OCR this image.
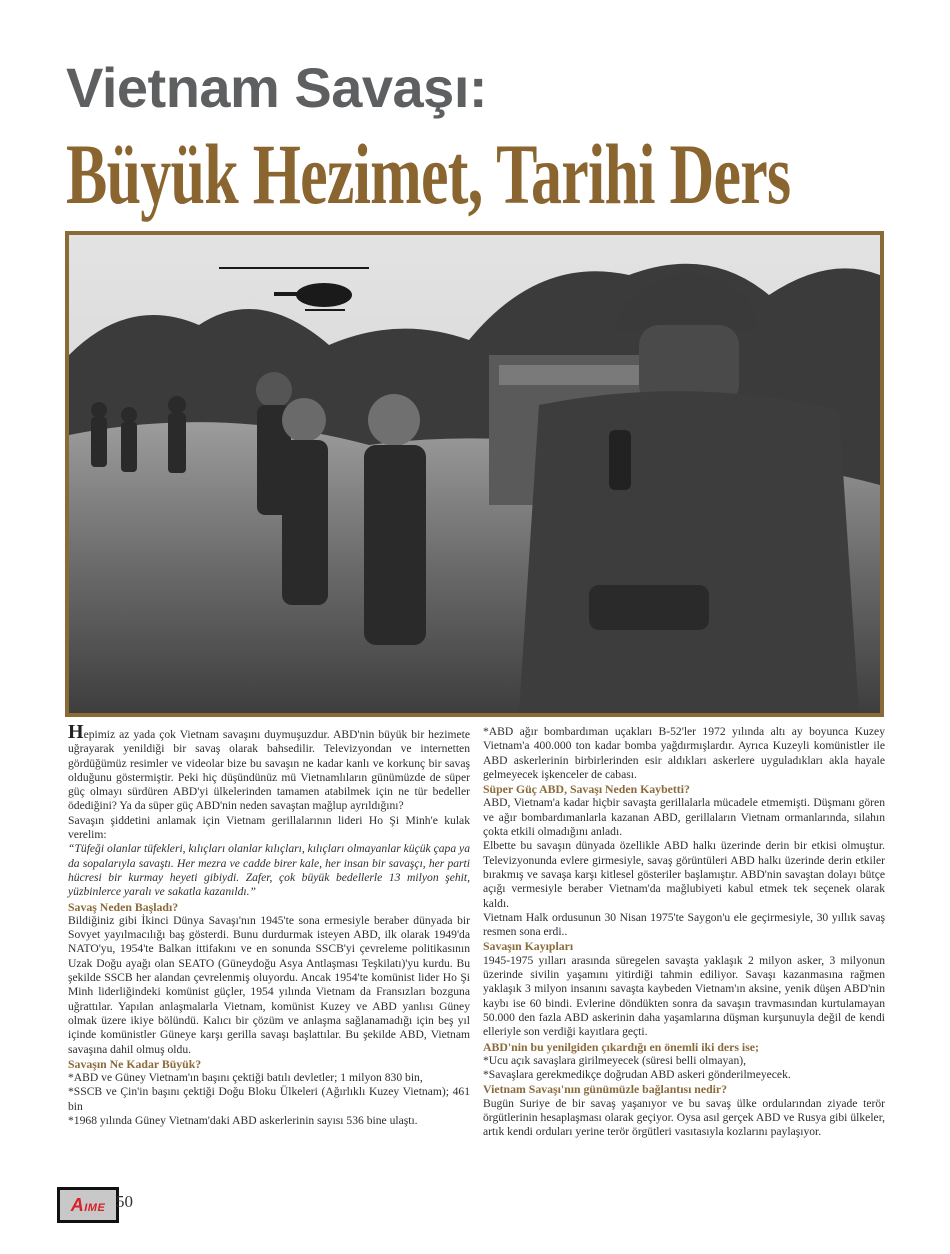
Vietnam Savaşı:
Büyük Hezimet, Tarihi Ders

Hepimiz az yada çok Vietnam savaşını duymuşuzdur. ABD'nin büyük bir hezimete uğrayarak yenildiği bir savaş olarak bahsedilir. Televizyondan ve internetten gördüğümüz resimler ve videolar bize bu savaşın ne kadar kanlı ve korkunç bir savaş olduğunu göstermiştir. Peki hiç düşündünüz mü Vietnamlıların günümüzde de süper güç olmayı sürdüren ABD'yi ülkelerinden tamamen atabilmek için ne tür bedeller ödediğini? Ya da süper güç ABD'nin neden savaştan mağlup ayrıldığını?

Savaşın şiddetini anlamak için Vietnam gerillalarının lideri Ho Şi Minh'e kulak verelim:

“Tüfeği olanlar tüfekleri, kılıçları olanlar kılıçları, kılıçları olmayanlar küçük çapa ya da sopalarıyla savaştı. Her mezra ve cadde birer kale, her insan bir savaşçı, her parti hücresi bir kurmay heyeti gibiydi. Zafer, çok büyük bedellerle 13 milyon şehit, yüzbinlerce yaralı ve sakatla kazanıldı.”

Savaş Neden Başladı?

Bildiğiniz gibi İkinci Dünya Savaşı'nın 1945'te sona ermesiyle beraber dünyada bir Sovyet yayılmacılığı baş gösterdi. Bunu durdurmak isteyen ABD, ilk olarak 1949'da NATO'yu, 1954'te Balkan ittifakını ve en sonunda SSCB'yi çevreleme politikasının Uzak Doğu ayağı olan SEATO (Güneydoğu Asya Antlaşması Teşkilatı)'yu kurdu. Bu şekilde SSCB her alandan çevrelenmiş oluyordu. Ancak 1954'te komünist lider Ho Şi Minh liderliğindeki komünist güçler, 1954 yılında Vietnam da Fransızları bozguna uğrattılar. Yapılan anlaşmalarla Vietnam, komünist Kuzey ve ABD yanlısı Güney olmak üzere ikiye bölündü. Kalıcı bir çözüm ve anlaşma sağlanamadığı için beş yıl içinde komünistler Güneye karşı gerilla savaşı başlattılar. Bu şekilde ABD, Vietnam savaşına dahil olmuş oldu.

Savaşın Ne Kadar Büyük?

*ABD ve Güney Vietnam'ın başını çektiği batılı devletler; 1 milyon 830 bin,

*SSCB ve Çin'in başını çektiği Doğu Bloku Ülkeleri (Ağırlıklı Kuzey Vietnam); 461 bin

*1968 yılında Güney Vietnam'daki ABD askerlerinin sayısı 536 bine ulaştı.

*ABD ağır bombardıman uçakları B-52'ler 1972 yılında altı ay boyunca Kuzey Vietnam'a 400.000 ton kadar bomba yağdırmışlardır. Ayrıca Kuzeyli komünistler ile ABD askerlerinin birbirlerinden esir aldıkları askerlere uyguladıkları akla hayale gelmeyecek işkenceler de cabası.

Süper Güç ABD, Savaşı Neden Kaybetti?

ABD, Vietnam'a kadar hiçbir savaşta gerillalarla mücadele etmemişti. Düşmanı gören ve ağır bombardımanlarla kazanan ABD, gerillaların Vietnam ormanlarında, silahın çokta etkili olmadığını anladı.

Elbette bu savaşın dünyada özellikle ABD halkı üzerinde derin bir etkisi olmuştur. Televizyonunda evlere girmesiyle, savaş görüntüleri ABD halkı üzerinde derin etkiler bırakmış ve savaşa karşı kitlesel gösteriler başlamıştır. ABD'nin savaştan dolayı bütçe açığı vermesiyle beraber Vietnam'da mağlubiyeti kabul etmek tek seçenek olarak kaldı.

Vietnam Halk ordusunun 30 Nisan 1975'te Saygon'u ele geçirmesiyle, 30 yıllık savaş resmen sona erdi..

Savaşın Kayıpları

1945-1975 yılları arasında süregelen savaşta yaklaşık 2 milyon asker, 3 milyonun üzerinde sivilin yaşamını yitirdiği tahmin ediliyor. Savaşı kazanmasına rağmen yaklaşık 3 milyon insanını savaşta kaybeden Vietnam'ın aksine, yenik düşen ABD'nin kaybı ise 60 bindi. Evlerine döndükten sonra da savaşın travmasından kurtulamayan 50.000 den fazla ABD askerinin daha yaşamlarına düşman kurşunuyla değil de kendi elleriyle son verdiği kayıtlara geçti.

ABD'nin bu yenilgiden çıkardığı en önemli iki ders ise;

*Ucu açık savaşlara girilmeyecek (süresi belli olmayan),

*Savaşlara gerekmedikçe doğrudan ABD askeri gönderilmeyecek.

Vietnam Savaşı'nın günümüzle bağlantısı nedir?

Bugün Suriye de bir savaş yaşanıyor ve bu savaş ülke ordularından ziyade terör örgütlerinin hesaplaşması olarak geçiyor. Oysa asıl gerçek ABD ve Rusya gibi ülkeler, artık kendi orduları yerine terör örgütleri vasıtasıyla kozlarını paylaşıyor.

AIME 50
